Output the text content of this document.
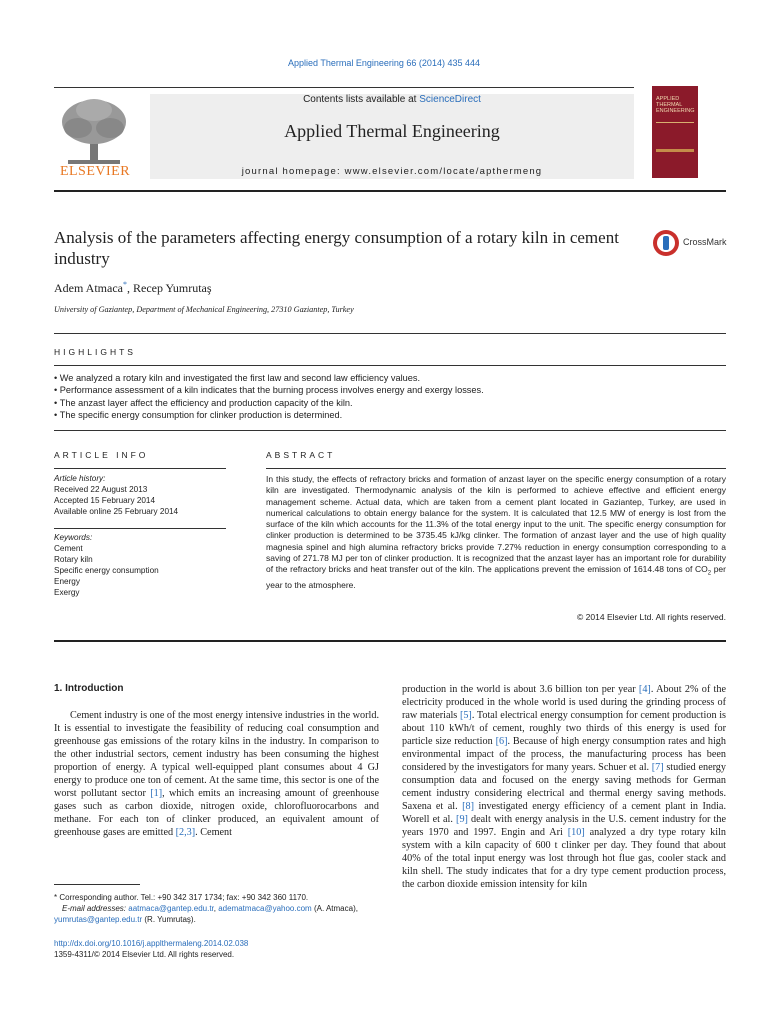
Applied Thermal Engineering 66 (2014) 435 444
ELSEVIER
Contents lists available at ScienceDirect
Applied Thermal Engineering
journal homepage: www.elsevier.com/locate/apthermeng
APPLIED THERMAL ENGINEERING
Analysis of the parameters affecting energy consumption of a rotary kiln in cement industry
CrossMark
Adem Atmaca*, Recep Yumrutaş
University of Gaziantep, Department of Mechanical Engineering, 27310 Gaziantep, Turkey
HIGHLIGHTS
• We analyzed a rotary kiln and investigated the first law and second law efficiency values.
• Performance assessment of a kiln indicates that the burning process involves energy and exergy losses.
• The anzast layer affect the efficiency and production capacity of the kiln.
• The specific energy consumption for clinker production is determined.
ARTICLE INFO
Article history:
Received 22 August 2013
Accepted 15 February 2014
Available online 25 February 2014
Keywords:
Cement
Rotary kiln
Specific energy consumption
Energy
Exergy
ABSTRACT
In this study, the effects of refractory bricks and formation of anzast layer on the specific energy consumption of a rotary kiln are investigated. Thermodynamic analysis of the kiln is performed to achieve effective and efficient energy management scheme. Actual data, which are taken from a cement plant located in Gaziantep, Turkey, are used in numerical calculations to obtain energy balance for the system. It is calculated that 12.5 MW of energy is lost from the surface of the kiln which accounts for the 11.3% of the total energy input to the unit. The specific energy consumption for clinker production is determined to be 3735.45 kJ/kg clinker. The formation of anzast layer and the use of high quality magnesia spinel and high alumina refractory bricks provide 7.27% reduction in energy consumption corresponding to a saving of 271.78 MJ per ton of clinker production. It is recognized that the anzast layer has an important role for durability of the refractory bricks and heat transfer out of the kiln. The applications prevent the emission of 1614.48 tons of $CO_2$ per year to the atmosphere.
© 2014 Elsevier Ltd. All rights reserved.
1. Introduction
Cement industry is one of the most energy intensive industries in the world. It is essential to investigate the feasibility of reducing coal consumption and greenhouse gas emissions of the rotary kilns in the industry. In comparison to the other industrial sectors, cement industry has been consuming the highest proportion of energy. A typical well-equipped plant consumes about 4 GJ energy to produce one ton of cement. At the same time, this sector is one of the worst pollutant sector [1], which emits an increasing amount of greenhouse gases such as carbon dioxide, nitrogen oxide, chlorofluorocarbons and methane. For each ton of clinker produced, an equivalent amount of greenhouse gases are emitted [2,3]. Cement
production in the world is about 3.6 billion ton per year [4]. About 2% of the electricity produced in the whole world is used during the grinding process of raw materials [5]. Total electrical energy consumption for cement production is about 110 kWh/t of cement, roughly two thirds of this energy is used for particle size reduction [6]. Because of high energy consumption rates and high environmental impact of the process, the manufacturing process has been considered by the investigators for many years. Schuer et al. [7] studied energy consumption data and focused on the energy saving methods for German cement industry considering electrical and thermal energy saving methods. Saxena et al. [8] investigated energy efficiency of a cement plant in India. Worell et al. [9] dealt with energy analysis in the U.S. cement industry for the years 1970 and 1997. Engin and Ari [10] analyzed a dry type rotary kiln system with a kiln capacity of 600 t clinker per day. They found that about 40% of the total input energy was lost through hot flue gas, cooler stack and kiln shell. The study indicates that for a dry type cement production process, the carbon dioxide emission intensity for kiln
* Corresponding author. Tel.: +90 342 317 1734; fax: +90 342 360 1170.
E-mail addresses: aatmaca@gantep.edu.tr, adematmaca@yahoo.com (A. Atmaca),
yumrutas@gantep.edu.tr (R. Yumrutaş).
http://dx.doi.org/10.1016/j.applthermaleng.2014.02.038
1359-4311/© 2014 Elsevier Ltd. All rights reserved.
